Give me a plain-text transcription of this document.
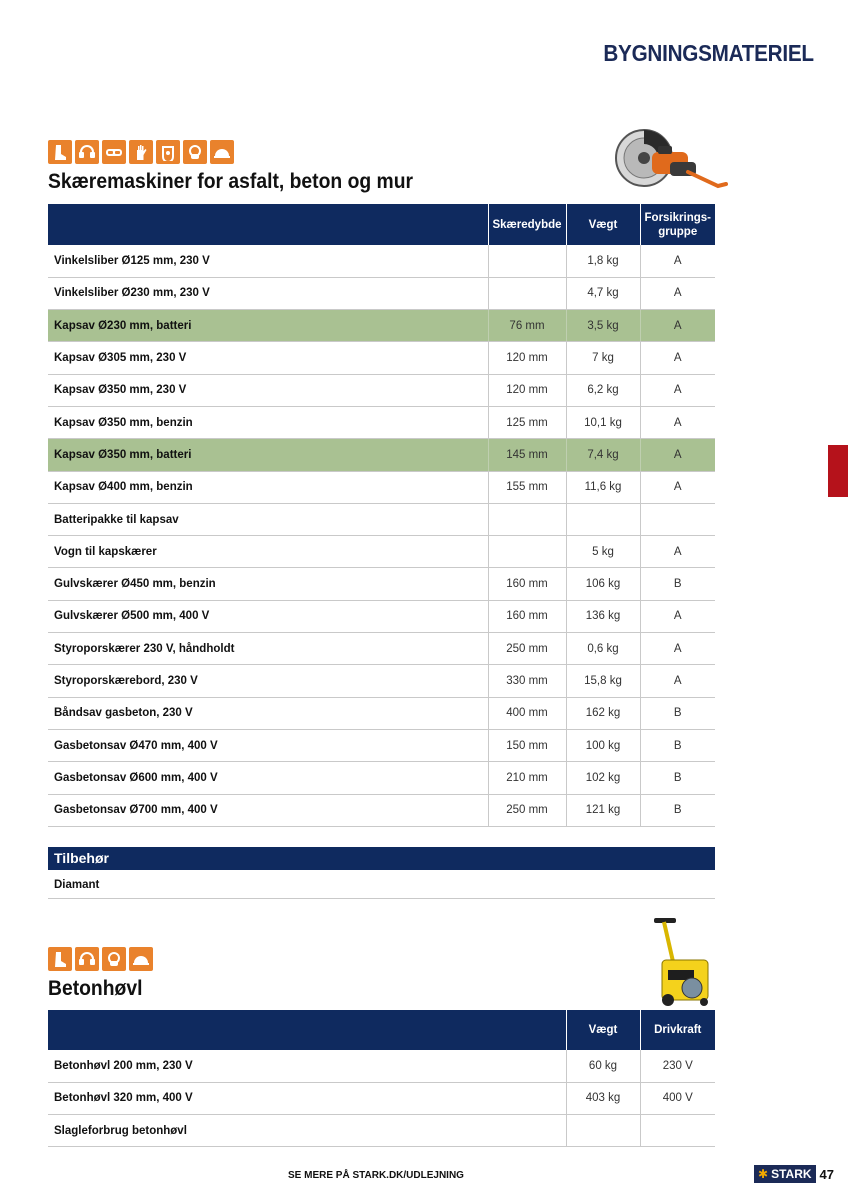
BYGNINGSMATERIEL
Skæremaskiner for asfalt, beton og mur
	Skæredybde	Vægt	Forsikrings-
gruppe
Vinkelsliber Ø125 mm, 230 V		1,8 kg	A
Vinkelsliber Ø230 mm, 230 V		4,7 kg	A
Kapsav Ø230 mm, batteri	76 mm	3,5 kg	A
Kapsav Ø305 mm, 230 V	120 mm	7 kg	A
Kapsav Ø350 mm, 230 V	120 mm	6,2 kg	A
Kapsav Ø350 mm, benzin	125 mm	10,1 kg	A
Kapsav Ø350 mm, batteri	145 mm	7,4 kg	A
Kapsav Ø400 mm, benzin	155 mm	11,6 kg	A
Batteripakke til kapsav			
Vogn til kapskærer		5 kg	A
Gulvskærer Ø450 mm, benzin	160 mm	106 kg	B
Gulvskærer Ø500 mm, 400 V	160 mm	136 kg	A
Styroporskærer 230 V, håndholdt	250 mm	0,6 kg	A
Styroporskærebord, 230 V	330 mm	15,8 kg	A
Båndsav gasbeton, 230 V	400 mm	162 kg	B
Gasbetonsav Ø470 mm, 400 V	150 mm	100 kg	B
Gasbetonsav Ø600 mm, 400 V	210 mm	102 kg	B
Gasbetonsav Ø700 mm, 400 V	250 mm	121 kg	B
Tilbehør
Diamant
Betonhøvl
	Vægt	Drivkraft
Betonhøvl 200 mm, 230 V	60 kg	230 V
Betonhøvl 320 mm, 400 V	403 kg	400 V
Slagleforbrug betonhøvl		
SE MERE PÅ STARK.DK/UDLEJNING	✱ STARK 47
